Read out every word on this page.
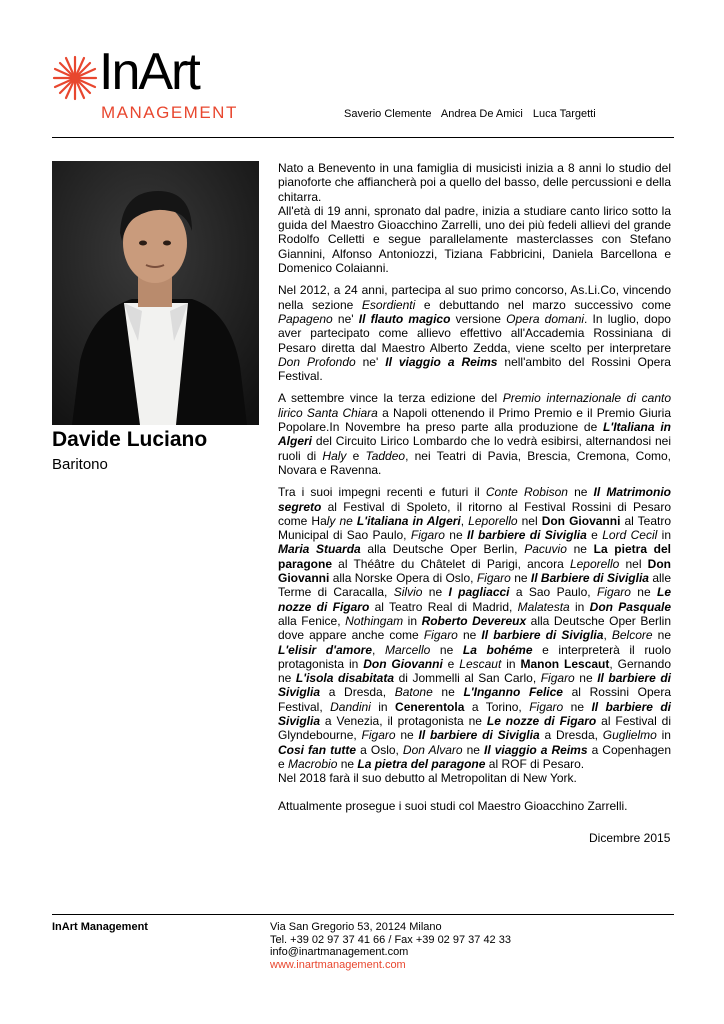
InArt
MANAGEMENT	Saverio Clemente Andrea De Amici Luca Targetti
Davide Luciano
Baritono

Nato a Benevento in una famiglia di musicisti inizia a 8 anni lo studio del pianoforte che affiancherà poi a quello del basso, delle percussioni e della chitarra.

All'età di 19 anni, spronato dal padre, inizia a studiare canto lirico sotto la guida del Maestro Gioacchino Zarrelli, uno dei più fedeli allievi del grande Rodolfo Celletti e segue parallelamente masterclasses con Stefano Giannini, Alfonso Antoniozzi, Tiziana Fabbricini, Daniela Barcellona e Domenico Colaianni.

Nel 2012, a 24 anni, partecipa al suo primo concorso, As.Li.Co, vincendo nella sezione Esordienti e debuttando nel marzo successivo come Papageno ne' Il flauto magico versione Opera domani. In luglio, dopo aver partecipato come allievo effettivo all'Accademia Rossiniana di Pesaro diretta dal Maestro Alberto Zedda, viene scelto per interpretare Don Profondo ne' Il viaggio a Reims nell'ambito del Rossini Opera Festival.

A settembre vince la terza edizione del Premio internazionale di canto lirico Santa Chiara a Napoli ottenendo il Primo Premio e il Premio Giuria Popolare.In Novembre ha preso parte alla produzione de L'Italiana in Algeri del Circuito Lirico Lombardo che lo vedrà esibirsi, alternandosi nei ruoli di Haly e Taddeo, nei Teatri di Pavia, Brescia, Cremona, Como, Novara e Ravenna.

Tra i suoi impegni recenti e futuri il Conte Robison ne Il Matrimonio segreto al Festival di Spoleto, il ritorno al Festival Rossini di Pesaro come Haly ne L'italiana in Algeri, Leporello nel Don Giovanni al Teatro Municipal di Sao Paulo, Figaro ne Il barbiere di Siviglia e Lord Cecil in Maria Stuarda alla Deutsche Oper Berlin, Pacuvio ne La pietra del paragone al Théâtre du Châtelet di Parigi, ancora Leporello nel Don Giovanni alla Norske Opera di Oslo, Figaro ne Il Barbiere di Siviglia alle Terme di Caracalla, Silvio ne I pagliacci a Sao Paulo, Figaro ne Le nozze di Figaro al Teatro Real di Madrid, Malatesta in Don Pasquale alla Fenice, Nothingam in Roberto Devereux alla Deutsche Oper Berlin dove appare anche come Figaro ne Il barbiere di Siviglia, Belcore ne L'elisir d'amore, Marcello ne La bohéme e interpreterà il ruolo protagonista in Don Giovanni e Lescaut in Manon Lescaut, Gernando ne L'isola disabitata di Jommelli al San Carlo, Figaro ne Il barbiere di Siviglia a Dresda, Batone ne L'Inganno Felice al Rossini Opera Festival, Dandini in Cenerentola a Torino, Figaro ne Il barbiere di Siviglia a Venezia, il protagonista ne Le nozze di Figaro al Festival di Glyndebourne, Figaro ne Il barbiere di Siviglia a Dresda, Guglielmo in Cosi fan tutte a Oslo, Don Alvaro ne Il viaggio a Reims a Copenhagen e Macrobio ne La pietra del paragone al ROF di Pesaro.

Nel 2018 farà il suo debutto al Metropolitan di New York.

Attualmente prosegue i suoi studi col Maestro Gioacchino Zarrelli.

Dicembre 2015
InArt Management	Via San Gregorio 53, 20124 Milano
Tel. +39 02 97 37 41 66 / Fax +39 02 97 37 42 33
info@inartmanagement.com
www.inartmanagement.com
